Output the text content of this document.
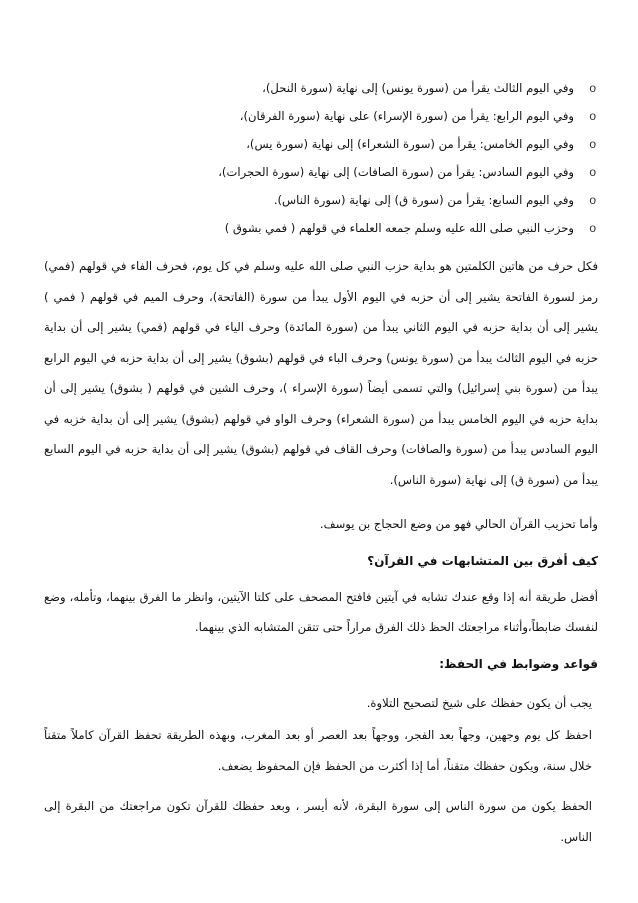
o
وفي اليوم الثالث يقرأ من (سورة يونس) إلى نهاية (سورة النحل)،
o
وفي اليوم الرابع: يقرأ من (سورة الإسراء) على نهاية (سورة الفرقان)،
o
وفي اليوم الخامس: يقرأ من (سورة الشعراء) إلى نهاية (سورة يس)،
o
وفي اليوم السادس: يقرأ من (سورة الصافات) إلى نهاية (سورة الحجرات)،
o
وفي اليوم السابع: يقرأ من (سورة ق) إلى نهاية (سورة الناس).
o
وحزب النبي صلى الله عليه وسلم جمعه العلماء في قولهم ( فمي بشوق )

فكل حرف من هاتين الكلمتين هو بداية حزب النبي صلى الله عليه وسلم في كل يوم، فحرف الفاء في قولهم (فمي) رمز لسورة الفاتحة يشير إلى أن حزبه في اليوم الأول يبدأ من سورة (الفاتحة)، وحرف الميم في قولهم ( فمي ) يشير إلى أن بداية حزبه في اليوم الثاني يبدأ من (سورة المائدة) وحرف الياء في قولهم (فمي) يشير إلى أن بداية حزبه في اليوم الثالث يبدأ من (سورة يونس) وحرف الباء في قولهم (بشوق) يشير إلى أن بداية حزبه في اليوم الرابع يبدأ من (سورة بني إسرائيل) والتي تسمى أيضاً (سورة الإسراء )، وحرف الشين في قولهم ( بشوق) يشير إلى أن بداية حزبه في اليوم الخامس يبدأ من (سورة الشعراء) وحرف الواو في قولهم (بشوق) يشير إلى أن بداية خزبه في اليوم السادس يبدأ من (سورة والصافات) وحرف القاف في قولهم (بشوق) يشير إلى أن بداية حزبه في اليوم السابع يبدأ من (سورة ق) إلى نهاية (سورة الناس).

وأما تحزيب القرآن الحالي فهو من وضع الحجاج بن يوسف.

كيف أفرق بين المتشابهات في القرآن؟

أفضل طريقة أنه إذا وقع عندك تشابه في آيتين فافتح المصحف على كلتا الآيتين، وانظر ما الفرق بينهما، وتأمله، وضع لنفسك ضابطاً،وأثناء مراجعتك الحظ ذلك الفرق مراراً حتى تتقن المتشابه الذي بينهما.

قواعد وضوابط في الحفظ:

يجب أن يكون حفظك على شيخ لتصحيح التلاوة.

احفظ كل يوم وجهين، وجهاً بعد الفجر، ووجهاً بعد العصر أو بعد المغرب، وبهذه الطريقة تحفظ القرآن كاملاً متقناً خلال سنة، ويكون حفظك متقناً، أما إذا أكثرت من الحفظ فإن المحفوظ يضعف.

الحفظ يكون من سورة الناس إلى سورة البقرة، لأنه أيسر ، وبعد حفظك للقرآن تكون مراجعتك من البقرة إلى الناس.
